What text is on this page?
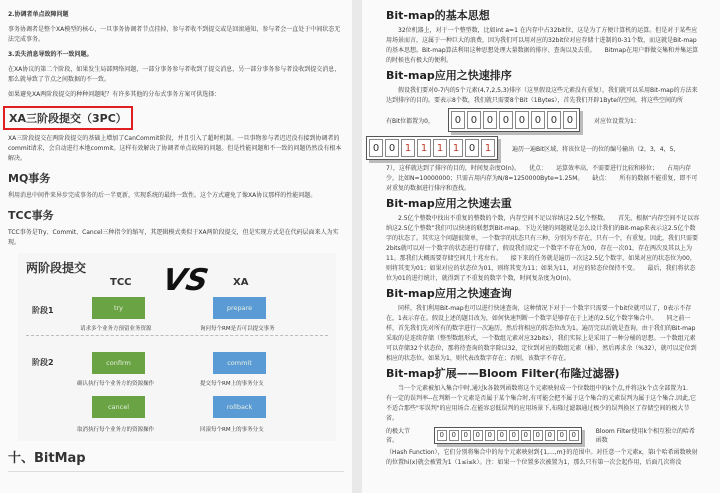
2.协调者单点故障问题

事务协调者是整个XA模型的核心，一旦事务协调者节点挂掉，参与者收不到提交或是回滚通知，参与者会一直处于中间状态无法完成事务。

3.丢失消息导致的不一致问题。

在XA协议的第二个阶段，如果发生局部网络问题，一部分事务参与者收到了提交消息，另一部分事务参与者没收到提交消息，那么就导致了节点之间数据的不一致。

如果避免XA两阶段提交的种种问题呢？有许多其他的分布式事务方案可供选择：

XA三阶段提交（3PC）

XA三阶段提交在两阶段提交的基础上增加了CanCommit阶段，并且引入了超时机制。一旦事物参与者迟迟没有接到协调者的commit请求，会自动进行本地commit。这样有效解决了协调者单点故障的问题。但是性能问题和不一致的问题仍然没有根本解决。

MQ事务

利用消息中间件来异步完成事务的后一半更新，实现系统的最终一致性。这个方式避免了像XA协议那样的性能问题。

TCC事务

TCC事务是Try、Commit、Cancel三种指令的缩写，其逻辑模式类似于XA两阶段提交，但是实现方式是在代码层面来人为实现。

两阶段提交
TCC	XA
VS
阶段1	try	prepare
请求多个业务方预留业务资源	询问每个RM是否可以提交事务
阶段2	confirm	commit
确认执行每个业务方的资源操作	提交每个RM上的事务分支
cancel	rollback
取消执行每个业务方的资源操作	回滚每个RM上的事务分支
十、BitMap
Bit-map的基本思想

32位机器上，对于一个整型数，比如int a=1 在内存中占32bit位，这是为了方便计算机的运算。但是对于某些应用场景而言，这属于一种巨大的浪费，因为我们可以用对应的32bit位对应存储十进制的0-31个数，而这就是Bit-map的基本思想。Bit-map算法利用这种思想处理大量数据的排序、查询以及去重。　　Bitmap在用户群做交集和并集运算的时候也有极大的便利。

Bit-map应用之快速排序

假设我们要对0-7内的5个元素(4,7,2,5,3)排序（这里假设这些元素没有重复），我们就可以采用Bit-map的方法来达到排序的目的。要表示8个数，我们就只需要8个Bit（1Bytes），首先我们开辟1Byte的空间，将这些空间的所

有Bit位都置为0，	0 0 0 0 0 0 0 0	对应位设置为1：
0 0 1 1 1 1 0 1	遍历一遍Bit区域，将该位是一的位的编号输出（2，3，4，5，

7），这样就达到了排序的目的，时间复杂度O(n)。　　优点：　　运算效率高，不需要进行比较和移位；　　占用内存少，比如N=10000000；只需占用内存为N/8=1250000Byte=1.25M。　　缺点：　　所有的数据不能重复，即不可对重复的数据进行排序和查找。

Bit-map应用之快速去重

2.5亿个整数中找出不重复的整数的个数，内存空间不足以容纳这2.5亿个整数。　　首先，根据“内存空间不足以容纳这2.5亿个整数”我们可以快速的联想到Bit-map。下边关键的问题就是怎么设计我们的Bit-map来表示这2.5亿个数字的状态了。其实这个问题很简单，一个数字的状态只有三种，分别为不存在，只有一个，有重复。因此，我们只需要2bits就可以对一个数字的状态进行存储了，假设我们设定一个数字不存在为00，存在一次01，存在两次及其以上为11。那我们大概需要存储空间几十兆左右。　　接下来的任务就是遍历一次这2.5亿个数字，如果对应的状态位为00，则将其变为01；如果对应的状态位为01，则将其变为11；如果为11，对应的转态位保持不变。　　最后，我们将状态位为01的进行统计，就得到了不重复的数字个数，时间复杂度为O(n)。

Bit-map应用之快速查询

同样，我们利用Bit-map也可以进行快速查询，这种情况下对于一个数字只需要一个bit位就可以了，0表示不存在，1表示存在。假设上述的题目改为，如何快速判断一个数字是够存在于上述的2.5亿个数字集合中。　　同之前一样，首先我们先对所有的数字进行一次遍历，然后将相应的转态位改为1。遍历完以后就是查询，由于我们的Bit-map采取的是连续存储（整型数组形式，一个数组元素对应32bits），我们实际上是采用了一种分桶的思想。一个数组元素可以存储32个状态位，那将待查询的数字除以32，定位到对应的数组元素（桶），然后再求余（%32），就可以定位到相应的状态位。如果为1，则代表改数字存在；否则，该数字不存在。

Bit-map扩展——Bloom Filter(布隆过滤器)

当一个元素被加入集合中时,通过k各散列函数将这个元素映射成一个位数组中的k个点,并将这k个点全部置为1.　　有一定的误判率--在判断一个元素是否属于某个集合时,有可能会把不属于这个集合的元素误判为属于这个集合.因此,它不适合那些"零误判"的应用场合.在能容忍低误判的应用场景下,布隆过滤器通过极少的误判换区了存储空间的极大节省。

的极大节省。
0	0	0	0	0	0	0	0	0	0	0	0	Bloom Filter使用k个相互独立的哈希函数

（Hash Function），它们分别将集合中的每个元素映射到{1,...,m}的范围中。对任意一个元素x，第i个哈希函数映射的位置hi(x)就会被置为1（1≤i≤k）。注：如果一个位置多次被置为1，那么只有第一次会起作用，后面几次将没
